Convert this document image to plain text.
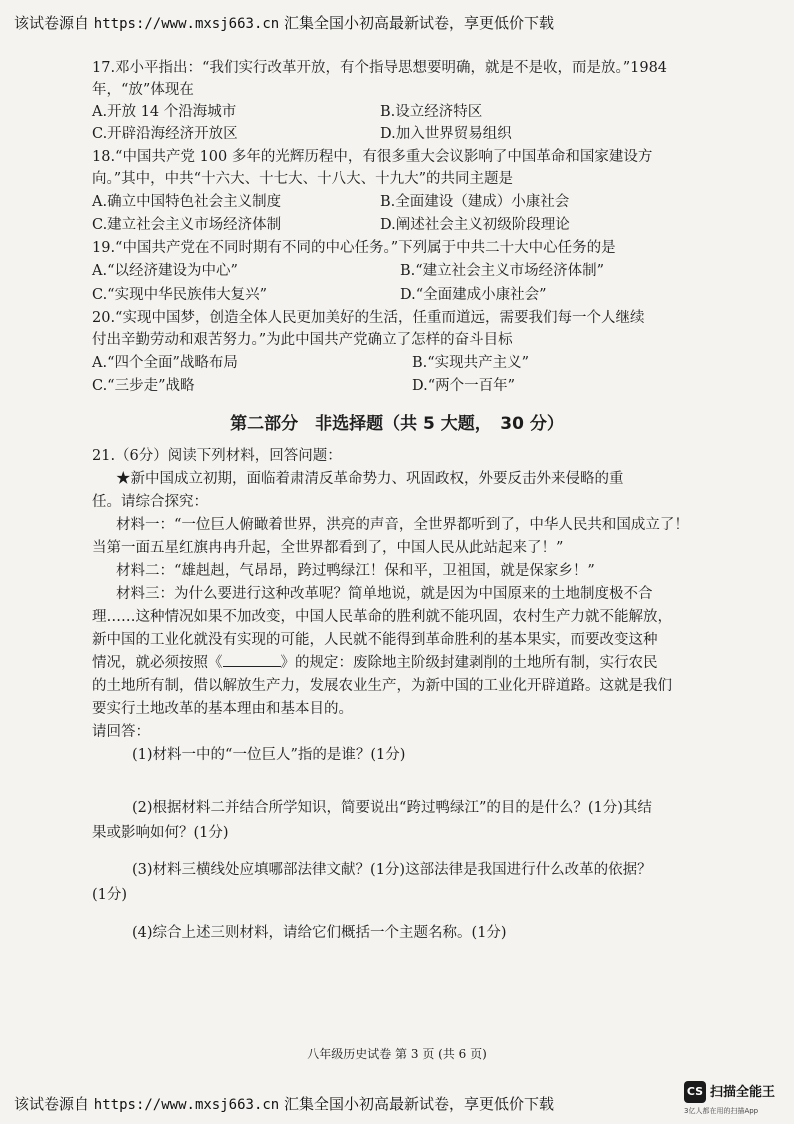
该试卷源自 https://www.mxsj663.cn 汇集全国小初高最新试卷，享更低价下载
17.邓小平指出：“我们实行改革开放，有个指导思想要明确，就是不是收，而是放。”1984
年，“放”体现在
A.开放 14 个沿海城市	B.设立经济特区
C.开辟沿海经济开放区	D.加入世界贸易组织
18.“中国共产党 100 多年的光辉历程中，有很多重大会议影响了中国革命和国家建设方
向。”其中，中共“十六大、十七大、十八大、十九大”的共同主题是
A.确立中国特色社会主义制度	B.全面建设（建成）小康社会
C.建立社会主义市场经济体制	D.阐述社会主义初级阶段理论
19.“中国共产党在不同时期有不同的中心任务。”下列属于中共二十大中心任务的是
A.“以经济建设为中心”	B.“建立社会主义市场经济体制”
C.“实现中华民族伟大复兴”	D.“全面建成小康社会”
20.“实现中国梦，创造全体人民更加美好的生活，任重而道远，需要我们每一个人继续
付出辛勤劳动和艰苦努力。”为此中国共产党确立了怎样的奋斗目标
A.“四个全面”战略布局	B.“实现共产主义”
C.“三步走”战略	D.“两个一百年”
第二部分　非选择题（共 5 大题，　30 分）
21.（6分）阅读下列材料，回答问题：
★新中国成立初期，面临着肃清反革命势力、巩固政权，外要反击外来侵略的重
任。请综合探究：
材料一：“一位巨人俯瞰着世界，洪亮的声音，全世界都听到了，中华人民共和国成立了！
当第一面五星红旗冉冉升起，全世界都看到了，中国人民从此站起来了！”
材料二：“雄赳赳，气昂昂，跨过鸭绿江！保和平，卫祖国，就是保家乡！”
材料三：为什么要进行这种改革呢？简单地说，就是因为中国原来的土地制度极不合
理……这种情况如果不加改变，中国人民革命的胜利就不能巩固，农村生产力就不能解放，
新中国的工业化就没有实现的可能，人民就不能得到革命胜利的基本果实，而要改变这种
情况，就必须按照《	》的规定：废除地主阶级封建剥削的土地所有制，实行农民
的土地所有制，借以解放生产力，发展农业生产，为新中国的工业化开辟道路。这就是我们
要实行土地改革的基本理由和基本目的。
请回答：
(1)材料一中的“一位巨人”指的是谁？(1分)
(2)根据材料二并结合所学知识，简要说出“跨过鸭绿江”的目的是什么？(1分)其结
果或影响如何？(1分)
(3)材料三横线处应填哪部法律文献？(1分)这部法律是我国进行什么改革的依据？
(1分)
(4)综合上述三则材料，请给它们概括一个主题名称。(1分)
八年级历史试卷 第 3 页 (共 6 页)
该试卷源自 https://www.mxsj663.cn 汇集全国小初高最新试卷，享更低价下载
CS 扫描全能王
3亿人都在用的扫描App
